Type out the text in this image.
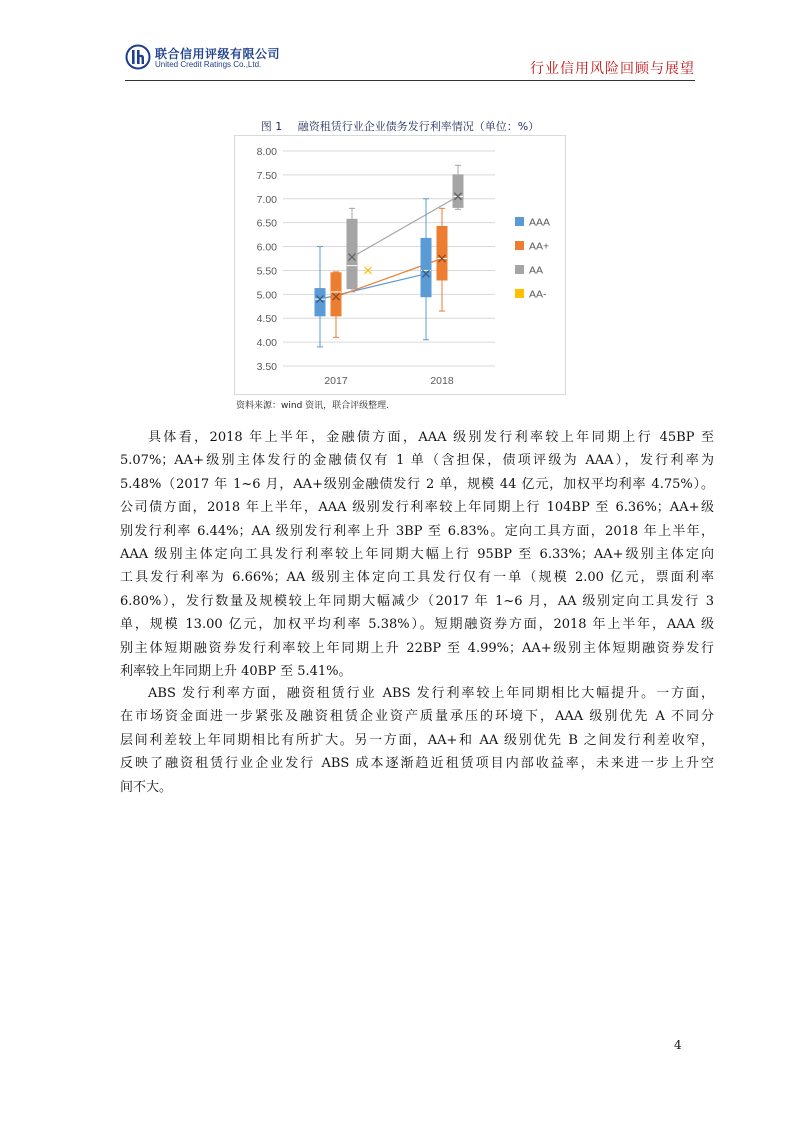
联合信用评级有限公司
United Credit Ratings Co.,Ltd.	行业信用风险回顾与展望
图 1 融资租赁行业企业债务发行利率情况（单位：%）
3.50
4.00
4.50
5.00
5.50
6.00
6.50
7.00
7.50
8.00
2017	2018
AAA
AA+
AA
AA-
资料来源：wind 资讯，联合评级整理.
具体看，2018 年上半年，金融债方面，AAA 级别发行利率较上年同期上行 45BP 至
5.07%；AA+级别主体发行的金融债仅有 1 单（含担保，债项评级为 AAA），发行利率为
5.48%（2017 年 1~6 月，AA+级别金融债发行 2 单，规模 44 亿元，加权平均利率 4.75%）。
公司债方面，2018 年上半年，AAA 级别发行利率较上年同期上行 104BP 至 6.36%；AA+级
别发行利率 6.44%；AA 级别发行利率上升 3BP 至 6.83%。定向工具方面，2018 年上半年，
AAA 级别主体定向工具发行利率较上年同期大幅上行 95BP 至 6.33%；AA+级别主体定向
工具发行利率为 6.66%；AA 级别主体定向工具发行仅有一单（规模 2.00 亿元，票面利率
6.80%），发行数量及规模较上年同期大幅减少（2017 年 1~6 月，AA 级别定向工具发行 3
单，规模 13.00 亿元，加权平均利率 5.38%）。短期融资券方面，2018 年上半年，AAA 级
别主体短期融资券发行利率较上年同期上升 22BP 至 4.99%；AA+级别主体短期融资券发行
利率较上年同期上升 40BP 至 5.41%。
ABS 发行利率方面，融资租赁行业 ABS 发行利率较上年同期相比大幅提升。一方面，
在市场资金面进一步紧张及融资租赁企业资产质量承压的环境下，AAA 级别优先 A 不同分
层间利差较上年同期相比有所扩大。另一方面，AA+和 AA 级别优先 B 之间发行利差收窄，
反映了融资租赁行业企业发行 ABS 成本逐渐趋近租赁项目内部收益率，未来进一步上升空
间不大。
4
